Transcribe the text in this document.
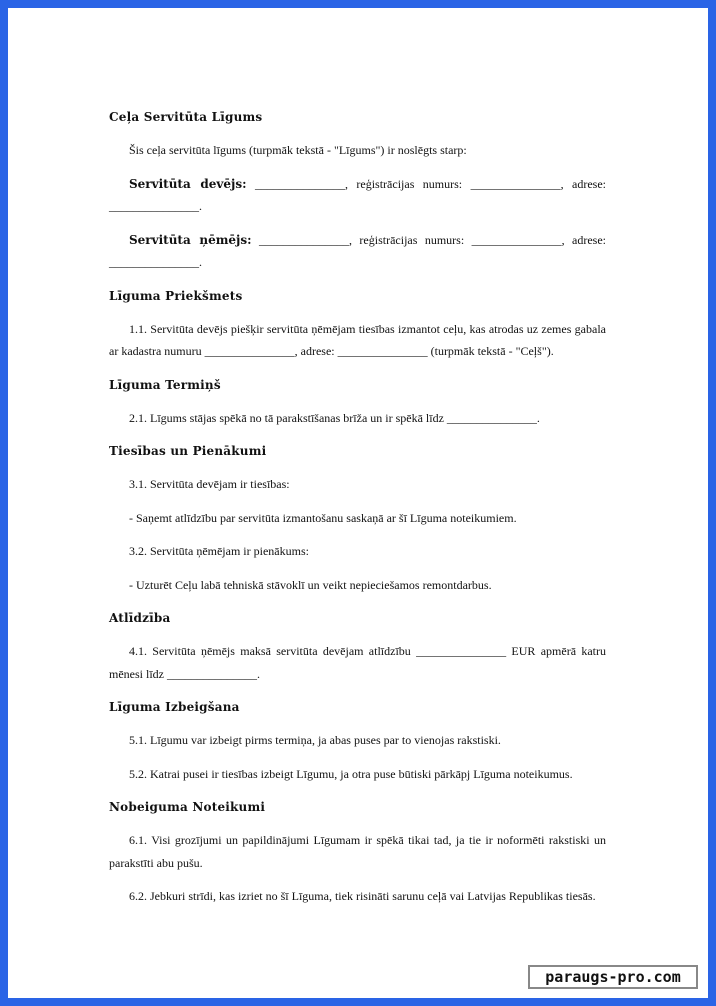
Ceļa Servitūta Līgums

Šis ceļa servitūta līgums (turpmāk tekstā - "Līgums") ir noslēgts starp:

Servitūta devējs: _______________, reģistrācijas numurs: _______________, adrese: _______________.

Servitūta ņēmējs: _______________, reģistrācijas numurs: _______________, adrese: _______________.

Līguma Priekšmets

1.1. Servitūta devējs piešķir servitūta ņēmējam tiesības izmantot ceļu, kas atrodas uz zemes gabala ar kadastra numuru _______________, adrese: _______________ (turpmāk tekstā - "Ceļš").

Līguma Termiņš

2.1. Līgums stājas spēkā no tā parakstīšanas brīža un ir spēkā līdz _______________.

Tiesības un Pienākumi

3.1. Servitūta devējam ir tiesības:

- Saņemt atlīdzību par servitūta izmantošanu saskaņā ar šī Līguma noteikumiem.

3.2. Servitūta ņēmējam ir pienākums:

- Uzturēt Ceļu labā tehniskā stāvoklī un veikt nepieciešamos remontdarbus.

Atlīdzība

4.1. Servitūta ņēmējs maksā servitūta devējam atlīdzību _______________ EUR apmērā katru mēnesi līdz _______________.

Līguma Izbeigšana

5.1. Līgumu var izbeigt pirms termiņa, ja abas puses par to vienojas rakstiski.

5.2. Katrai pusei ir tiesības izbeigt Līgumu, ja otra puse būtiski pārkāpj Līguma noteikumus.

Nobeiguma Noteikumi

6.1. Visi grozījumi un papildinājumi Līgumam ir spēkā tikai tad, ja tie ir noformēti rakstiski un parakstīti abu pušu.

6.2. Jebkuri strīdi, kas izriet no šī Līguma, tiek risināti sarunu ceļā vai Latvijas Republikas tiesās.

paraugs-pro.com
